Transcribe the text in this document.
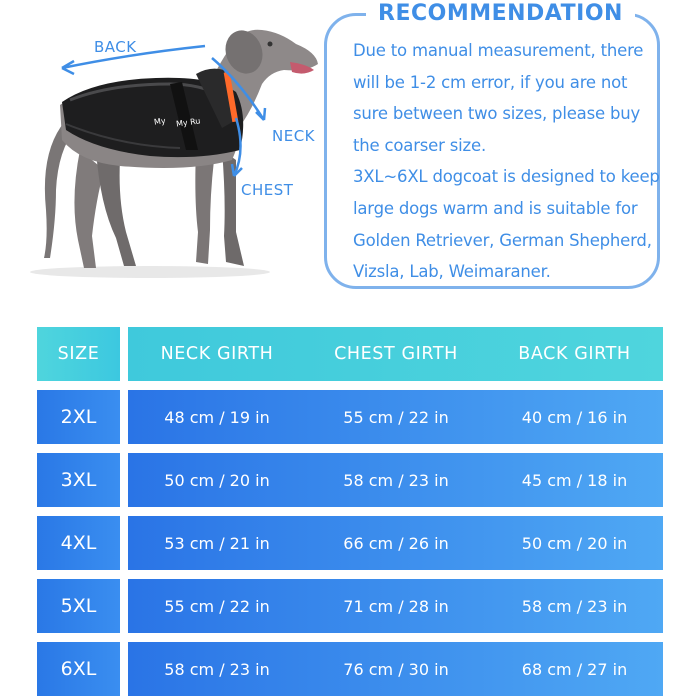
BACK
NECK
CHEST
My My Ru
RECOMMENDATION
Due to manual measurement, there
will be 1-2 cm error, if you are not
sure between two sizes, please buy
the coarser size.
3XL~6XL dogcoat is designed to keep
large dogs warm and is suitable for
Golden Retriever, German Shepherd,
Vizsla, Lab, Weimaraner.
SIZE	NECK GIRTH	CHEST GIRTH	BACK GIRTH
2XL	48 cm / 19 in	55 cm / 22 in	40 cm / 16 in
3XL	50 cm / 20 in	58 cm / 23 in	45 cm / 18 in
4XL	53 cm / 21 in	66 cm / 26 in	50 cm / 20 in
5XL	55 cm / 22 in	71 cm / 28 in	58 cm / 23 in
6XL	58 cm / 23 in	76 cm / 30 in	68 cm / 27 in
